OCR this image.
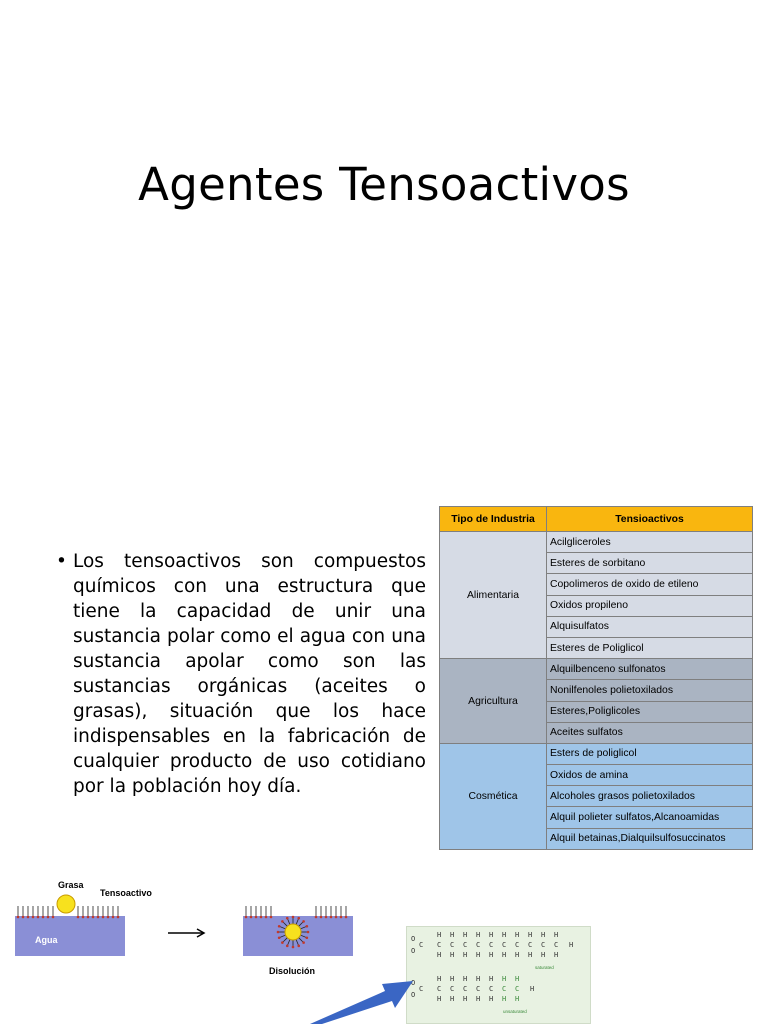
Agentes Tensoactivos
• Los tensoactivos son compuestos químicos con una estructura que tiene la capacidad de unir una sustancia polar como el agua con una sustancia apolar como son las sustancias orgánicas (aceites o grasas), situación que los hace indispensables en la fabricación de cualquier producto de uso cotidiano por la población hoy día.
Tipo de Industria	Tensioactivos
Alimentaria	Acilgliceroles
	Esteres de sorbitano
	Copolimeros de oxido de etileno
	Oxidos propileno
	Alquisulfatos
	Esteres de Poliglicol
Agricultura	Alquilbenceno sulfonatos
	Nonilfenoles polietoxilados
	Esteres,Poliglicoles
	Aceites sulfatos
Cosmética	Esters de poliglicol
	Oxidos de amina
	Alcoholes grasos polietoxilados
	Alquil polieter sulfatos,Alcanoamidas
	Alquil betainas,Dialquilsulfosuccinatos
Grasa
Tensoactivo
Agua
Disolución
O
O
C
H
C
H
H
C
H
H
C
H
H
C
H
H
C
H
H
C
H
H
C
H
H
C
H
H
C
H
H
C
H
H
O
O
C
H
C
H
H
C
H
H
C
H
H
C
H
H
C
H
H
C
H
H
C
H
H
saturated
unsaturated
